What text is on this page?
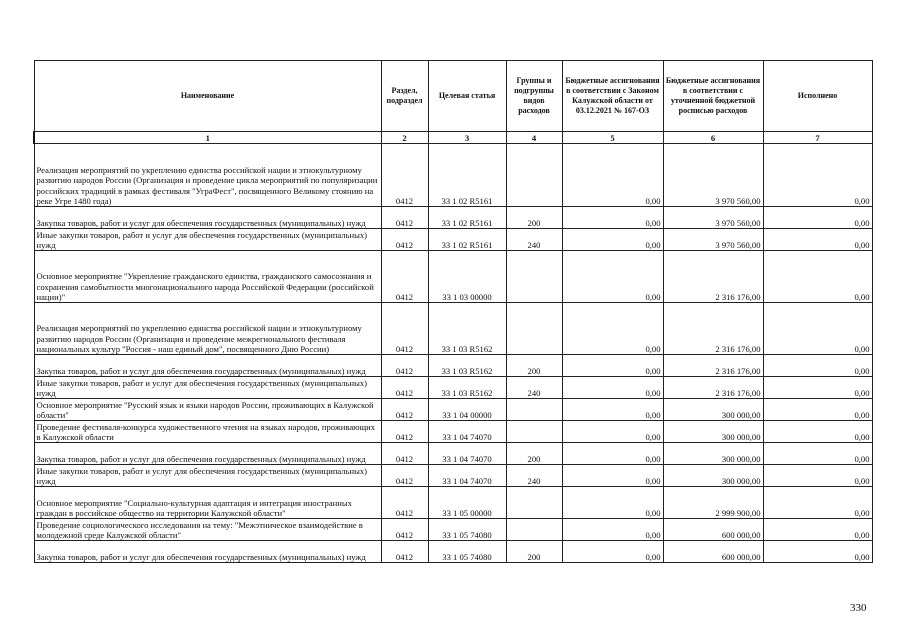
Наименование	Раздел, подраздел	Целевая статья	Группы и подгруппы видов расходов	Бюджетные ассигнования в соответствии с Законом Калужской области от 03.12.2021 № 167-ОЗ	Бюджетные ассигнования в соответствии с уточненной бюджетной росписью расходов	Исполнено
1	2	3	4	5	6	7
Реализация мероприятий по укреплению единства российской нации и этнокультурному развитию народов России (Организация и проведение цикла мероприятий по популяризации российских традиций в рамках фестиваля "УграФест", посвященного Великому стоянию на реке Угре 1480 года)	0412	33 1 02 R5161		0,00	3 970 560,00	0,00
Закупка товаров, работ и услуг для обеспечения государственных (муниципальных) нужд	0412	33 1 02 R5161	200	0,00	3 970 560,00	0,00
Иные закупки товаров, работ и услуг для обеспечения государственных (муниципальных) нужд	0412	33 1 02 R5161	240	0,00	3 970 560,00	0,00
Основное мероприятие "Укрепление гражданского единства, гражданского самосознания и сохранения самобытности многонационального народа Российской Федерации (российской нации)"	0412	33 1 03 00000		0,00	2 316 176,00	0,00
Реализация мероприятий по укреплению единства российской нации и этнокультурному развитию народов России (Организация и проведение межрегионального фестиваля национальных культур "Россия - наш единый дом", посвященного Дню России)	0412	33 1 03 R5162		0,00	2 316 176,00	0,00
Закупка товаров, работ и услуг для обеспечения государственных (муниципальных) нужд	0412	33 1 03 R5162	200	0,00	2 316 176,00	0,00
Иные закупки товаров, работ и услуг для обеспечения государственных (муниципальных) нужд	0412	33 1 03 R5162	240	0,00	2 316 176,00	0,00
Основное мероприятие "Русский язык и языки народов России, проживающих в Калужской области"	0412	33 1 04 00000		0,00	300 000,00	0,00
Проведение фестиваля-конкурса художественного чтения на языках народов, проживающих в Калужской области	0412	33 1 04 74070		0,00	300 000,00	0,00
Закупка товаров, работ и услуг для обеспечения государственных (муниципальных) нужд	0412	33 1 04 74070	200	0,00	300 000,00	0,00
Иные закупки товаров, работ и услуг для обеспечения государственных (муниципальных) нужд	0412	33 1 04 74070	240	0,00	300 000,00	0,00
Основное мероприятие "Социально-культурная адаптация и интеграция иностранных граждан в российское общество на территории Калужской области"	0412	33 1 05 00000		0,00	2 999 900,00	0,00
Проведение социологического исследования на тему: "Межэтническое взаимодействие в молодежной среде Калужской области"	0412	33 1 05 74080		0,00	600 000,00	0,00
Закупка товаров, работ и услуг для обеспечения государственных (муниципальных) нужд	0412	33 1 05 74080	200	0,00	600 000,00	0,00
330
